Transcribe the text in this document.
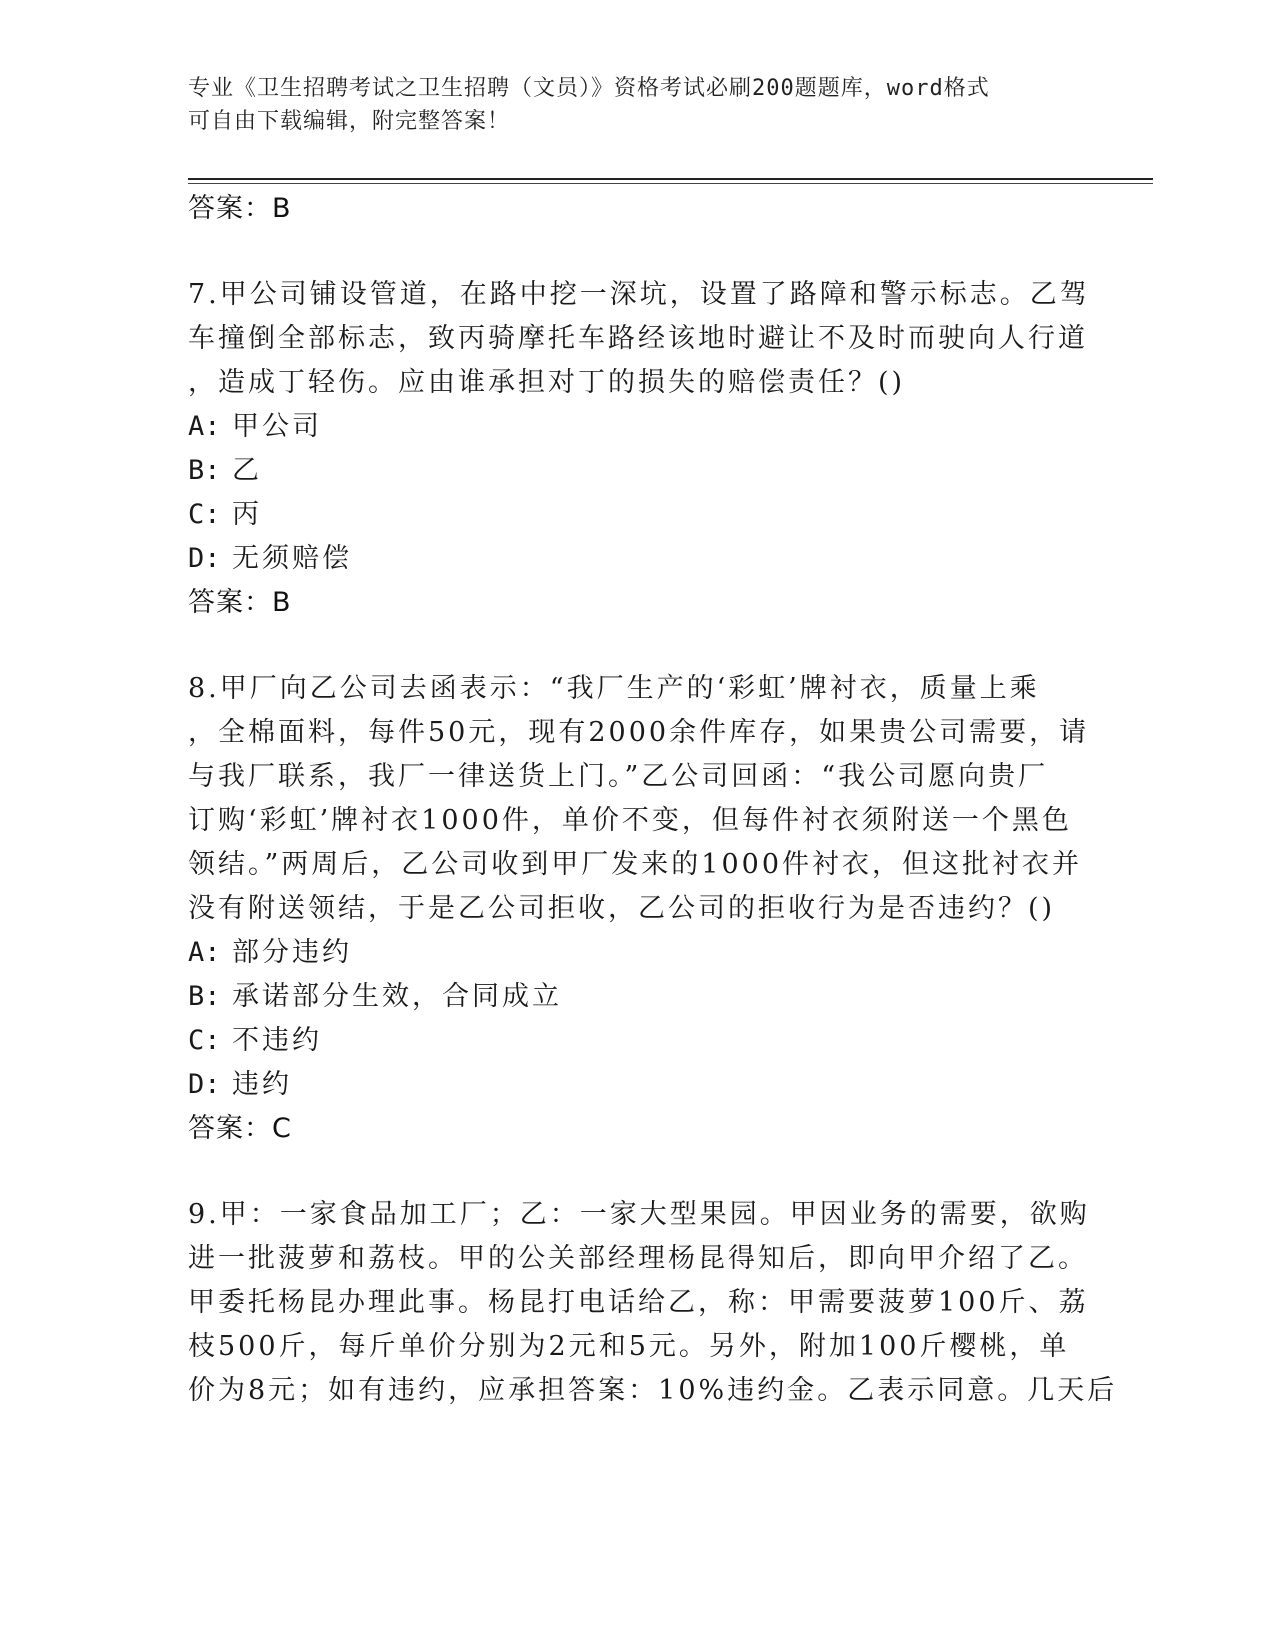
专业《卫生招聘考试之卫生招聘（文员）》资格考试必刷200题题库，word格式
可自由下载编辑，附完整答案！
答案：B
7.甲公司铺设管道，在路中挖一深坑，设置了路障和警示标志。乙驾
车撞倒全部标志，致丙骑摩托车路经该地时避让不及时而驶向人行道
，造成丁轻伤。应由谁承担对丁的损失的赔偿责任？()
A: 甲公司
B: 乙
C: 丙
D: 无须赔偿
答案：B
8.甲厂向乙公司去函表示：“我厂生产的‘彩虹’牌衬衣，质量上乘
，全棉面料，每件50元，现有2000余件库存，如果贵公司需要，请
与我厂联系，我厂一律送货上门。”乙公司回函：“我公司愿向贵厂
订购‘彩虹’牌衬衣1000件，单价不变，但每件衬衣须附送一个黑色
领结。”两周后，乙公司收到甲厂发来的1000件衬衣，但这批衬衣并
没有附送领结，于是乙公司拒收，乙公司的拒收行为是否违约？()
A: 部分违约
B: 承诺部分生效，合同成立
C: 不违约
D: 违约
答案：C
9.甲：一家食品加工厂；乙：一家大型果园。甲因业务的需要，欲购
进一批菠萝和荔枝。甲的公关部经理杨昆得知后，即向甲介绍了乙。
甲委托杨昆办理此事。杨昆打电话给乙，称：甲需要菠萝100斤、荔
枝500斤，每斤单价分别为2元和5元。另外，附加100斤樱桃，单
价为8元；如有违约，应承担答案：10%违约金。乙表示同意。几天后
